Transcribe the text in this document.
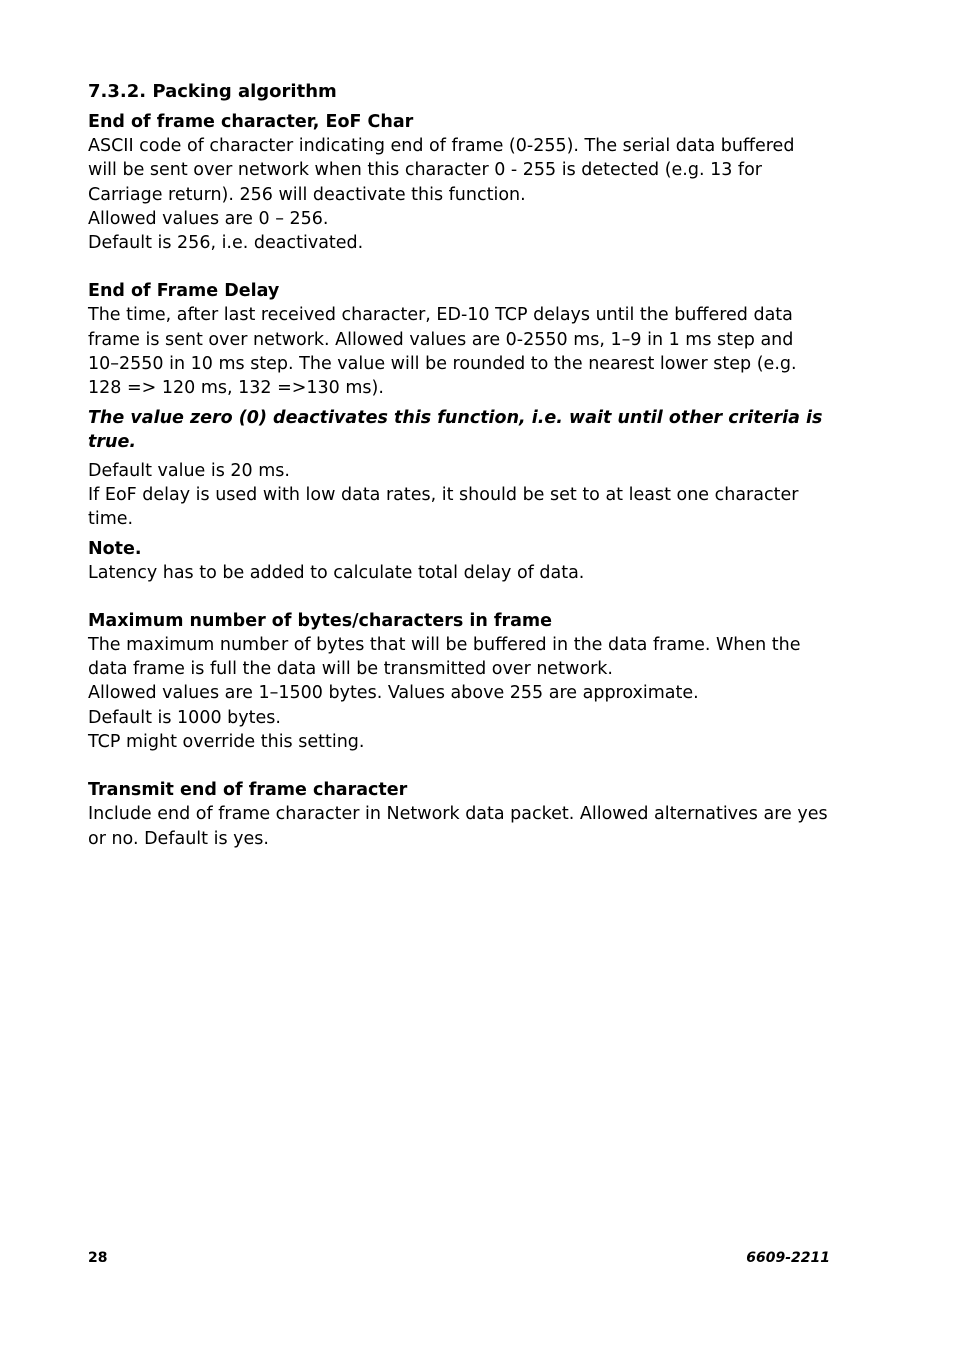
7.3.2. Packing algorithm
End of frame character, EoF Char

ASCII code of character indicating end of frame (0-255). The serial data buffered will be sent over network when this character 0 - 255 is detected (e.g. 13 for Carriage return). 256 will deactivate this function.

Allowed values are 0 – 256.

Default is 256, i.e. deactivated.

End of Frame Delay

The time, after last received character, ED-10 TCP delays until the buffered data frame is sent over network. Allowed values are 0-2550 ms, 1–9 in 1 ms step and 10–2550 in 10 ms step. The value will be rounded to the nearest lower step (e.g. 128 => 120 ms, 132 =>130 ms).

The value zero (0) deactivates this function, i.e. wait until other criteria is true.

Default value is 20 ms.

If EoF delay is used with low data rates, it should be set to at least one character time.

Note.

Latency has to be added to calculate total delay of data.

Maximum number of bytes/characters in frame

The maximum number of bytes that will be buffered in the data frame. When the data frame is full the data will be transmitted over network.

Allowed values are 1–1500 bytes. Values above 255 are approximate.

Default is 1000 bytes.

TCP might override this setting.

Transmit end of frame character

Include end of frame character in Network data packet. Allowed alternatives are yes or no. Default is yes.

28	6609-2211
